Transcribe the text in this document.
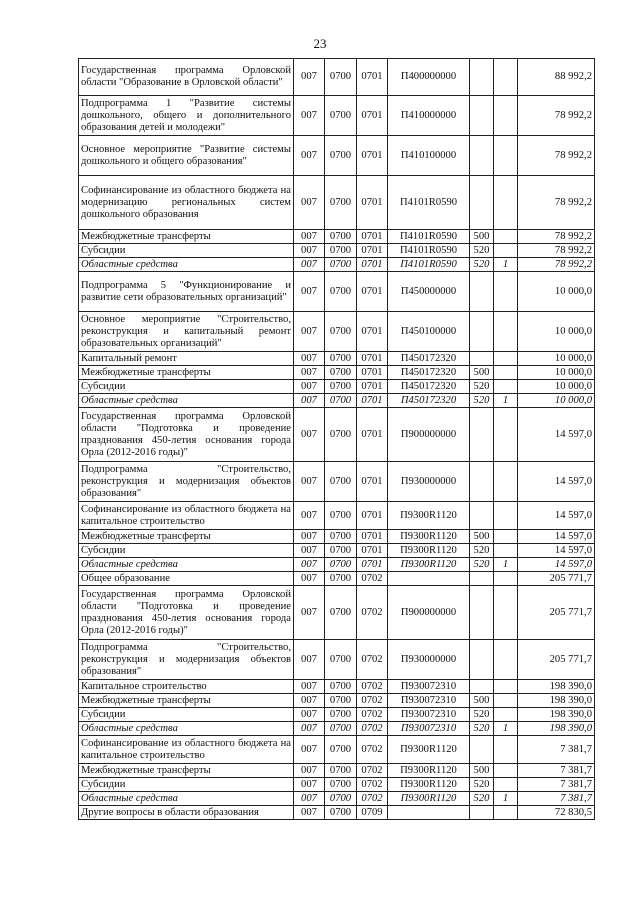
23
Государственная программа Орловской области "Образование в Орловской области"	007	0700	0701	П400000000			88 992,2
Подпрограмма 1 "Развитие системы дошкольного, общего и дополнительного образования детей и молодежи"	007	0700	0701	П410000000			78 992,2
Основное мероприятие "Развитие системы дошкольного и общего образования"	007	0700	0701	П410100000			78 992,2
Софинансирование из областного бюджета на модернизацию региональных систем дошкольного образования	007	0700	0701	П4101R0590			78 992,2
Межбюджетные трансферты	007	0700	0701	П4101R0590	500		78 992,2
Субсидии	007	0700	0701	П4101R0590	520		78 992,2
Областные средства	007	0700	0701	П4101R0590	520	1	78 992,2
Подпрограмма 5 "Функционирование и развитие сети образовательных организаций"	007	0700	0701	П450000000			10 000,0
Основное мероприятие "Строительство, реконструкция и капитальный ремонт образовательных организаций"	007	0700	0701	П450100000			10 000,0
Капитальный ремонт	007	0700	0701	П450172320			10 000,0
Межбюджетные трансферты	007	0700	0701	П450172320	500		10 000,0
Субсидии	007	0700	0701	П450172320	520		10 000,0
Областные средства	007	0700	0701	П450172320	520	1	10 000,0
Государственная программа Орловской области "Подготовка и проведение празднования 450-летия основания города Орла (2012-2016 годы)"	007	0700	0701	П900000000			14 597,0
Подпрограмма "Строительство, реконструкция и модернизация объектов образования"	007	0700	0701	П930000000			14 597,0
Софинансирование из областного бюджета на капитальное строительство	007	0700	0701	П9300R1120			14 597,0
Межбюджетные трансферты	007	0700	0701	П9300R1120	500		14 597,0
Субсидии	007	0700	0701	П9300R1120	520		14 597,0
Областные средства	007	0700	0701	П9300R1120	520	1	14 597,0
Общее образование	007	0700	0702				205 771,7
Государственная программа Орловской области "Подготовка и проведение празднования 450-летия основания города Орла (2012-2016 годы)"	007	0700	0702	П900000000			205 771,7
Подпрограмма "Строительство, реконструкция и модернизация объектов образования"	007	0700	0702	П930000000			205 771,7
Капитальное строительство	007	0700	0702	П930072310			198 390,0
Межбюджетные трансферты	007	0700	0702	П930072310	500		198 390,0
Субсидии	007	0700	0702	П930072310	520		198 390,0
Областные средства	007	0700	0702	П930072310	520	1	198 390,0
Софинансирование из областного бюджета на капитальное строительство	007	0700	0702	П9300R1120			7 381,7
Межбюджетные трансферты	007	0700	0702	П9300R1120	500		7 381,7
Субсидии	007	0700	0702	П9300R1120	520		7 381,7
Областные средства	007	0700	0702	П9300R1120	520	1	7 381,7
Другие вопросы в области образования	007	0700	0709				72 830,5
